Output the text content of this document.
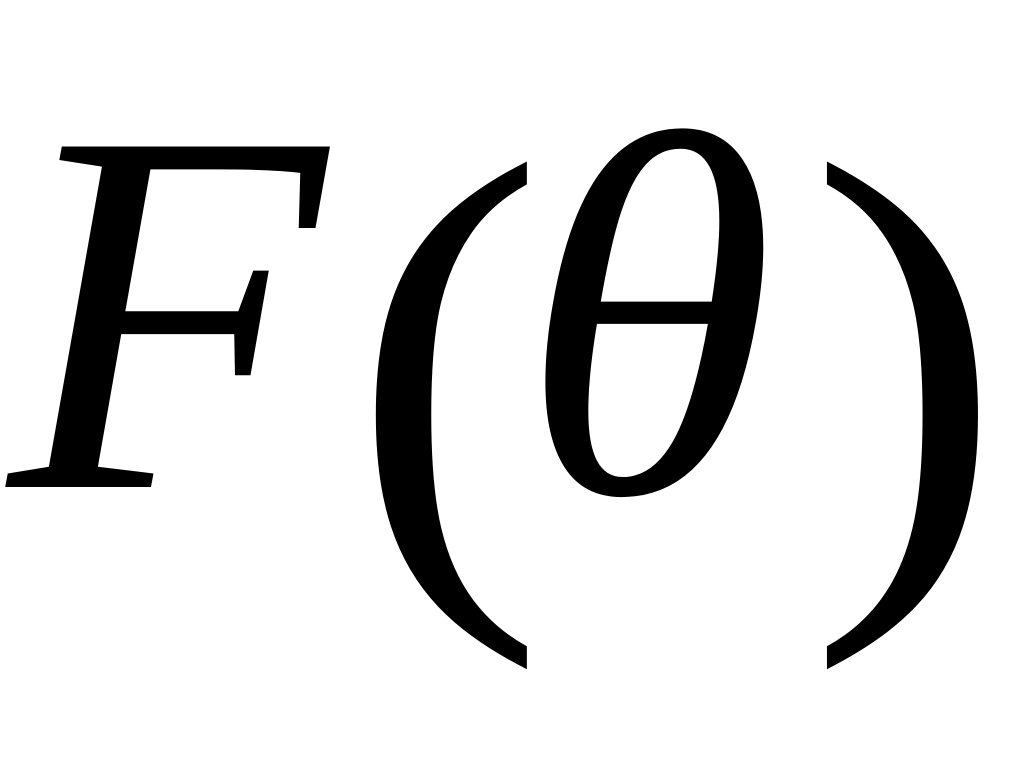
F (
θ )
